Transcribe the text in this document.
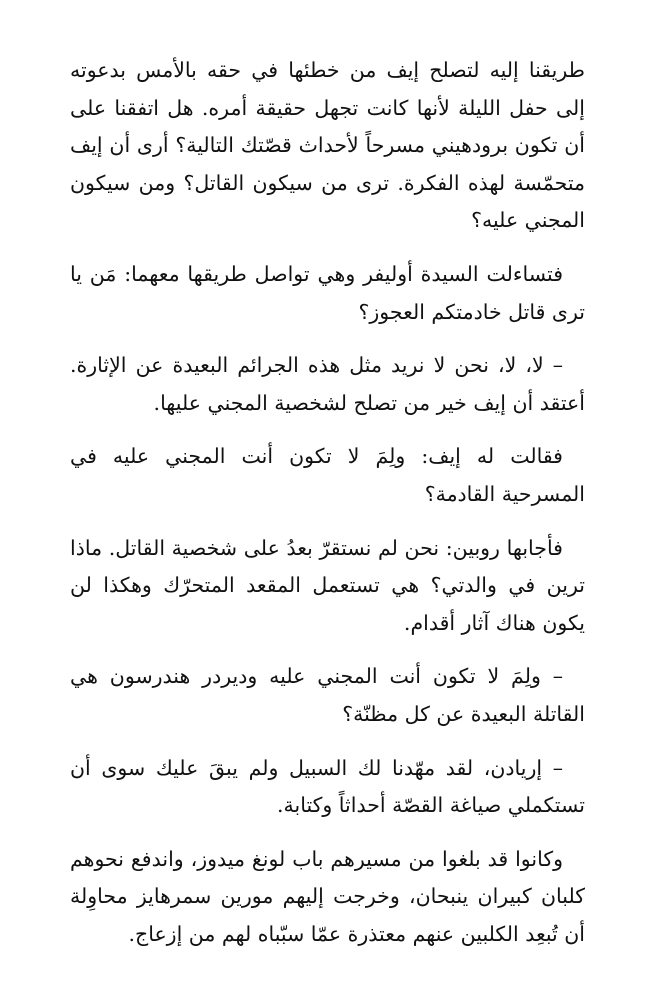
طريقنا إليه لتصلح إيف من خطئها في حقه بالأمس بدعوته إلى حفل الليلة لأنها كانت تجهل حقيقة أمره. هل اتفقنا على أن تكون برودهيني مسرحاً لأحداث قصّتك التالية؟ أرى أن إيف متحمّسة لهذه الفكرة. ترى من سيكون القاتل؟ ومن سيكون المجني عليه؟

فتساءلت السيدة أوليفر وهي تواصل طريقها معهما: مَن يا ترى قاتل خادمتكم العجوز؟

– لا، لا، نحن لا نريد مثل هذه الجرائم البعيدة عن الإثارة. أعتقد أن إيف خير من تصلح لشخصية المجني عليها.

فقالت له إيف: ولِمَ لا تكون أنت المجني عليه في المسرحية القادمة؟

فأجابها روبين: نحن لم نستقرّ بعدُ على شخصية القاتل. ماذا ترين في والدتي؟ هي تستعمل المقعد المتحرّك وهكذا لن يكون هناك آثار أقدام.

– ولِمَ لا تكون أنت المجني عليه وديردر هندرسون هي القاتلة البعيدة عن كل مظنّة؟

– إريادن، لقد مهّدنا لك السبيل ولم يبقَ عليك سوى أن تستكملي صياغة القصّة أحداثاً وكتابة.

وكانوا قد بلغوا من مسيرهم باب لونغ ميدوز، واندفع نحوهم كلبان كبيران ينبحان، وخرجت إليهم مورين سمرهايز محاوِلة أن تُبعِد الكلبين عنهم معتذرة عمّا سبّباه لهم من إزعاج.
